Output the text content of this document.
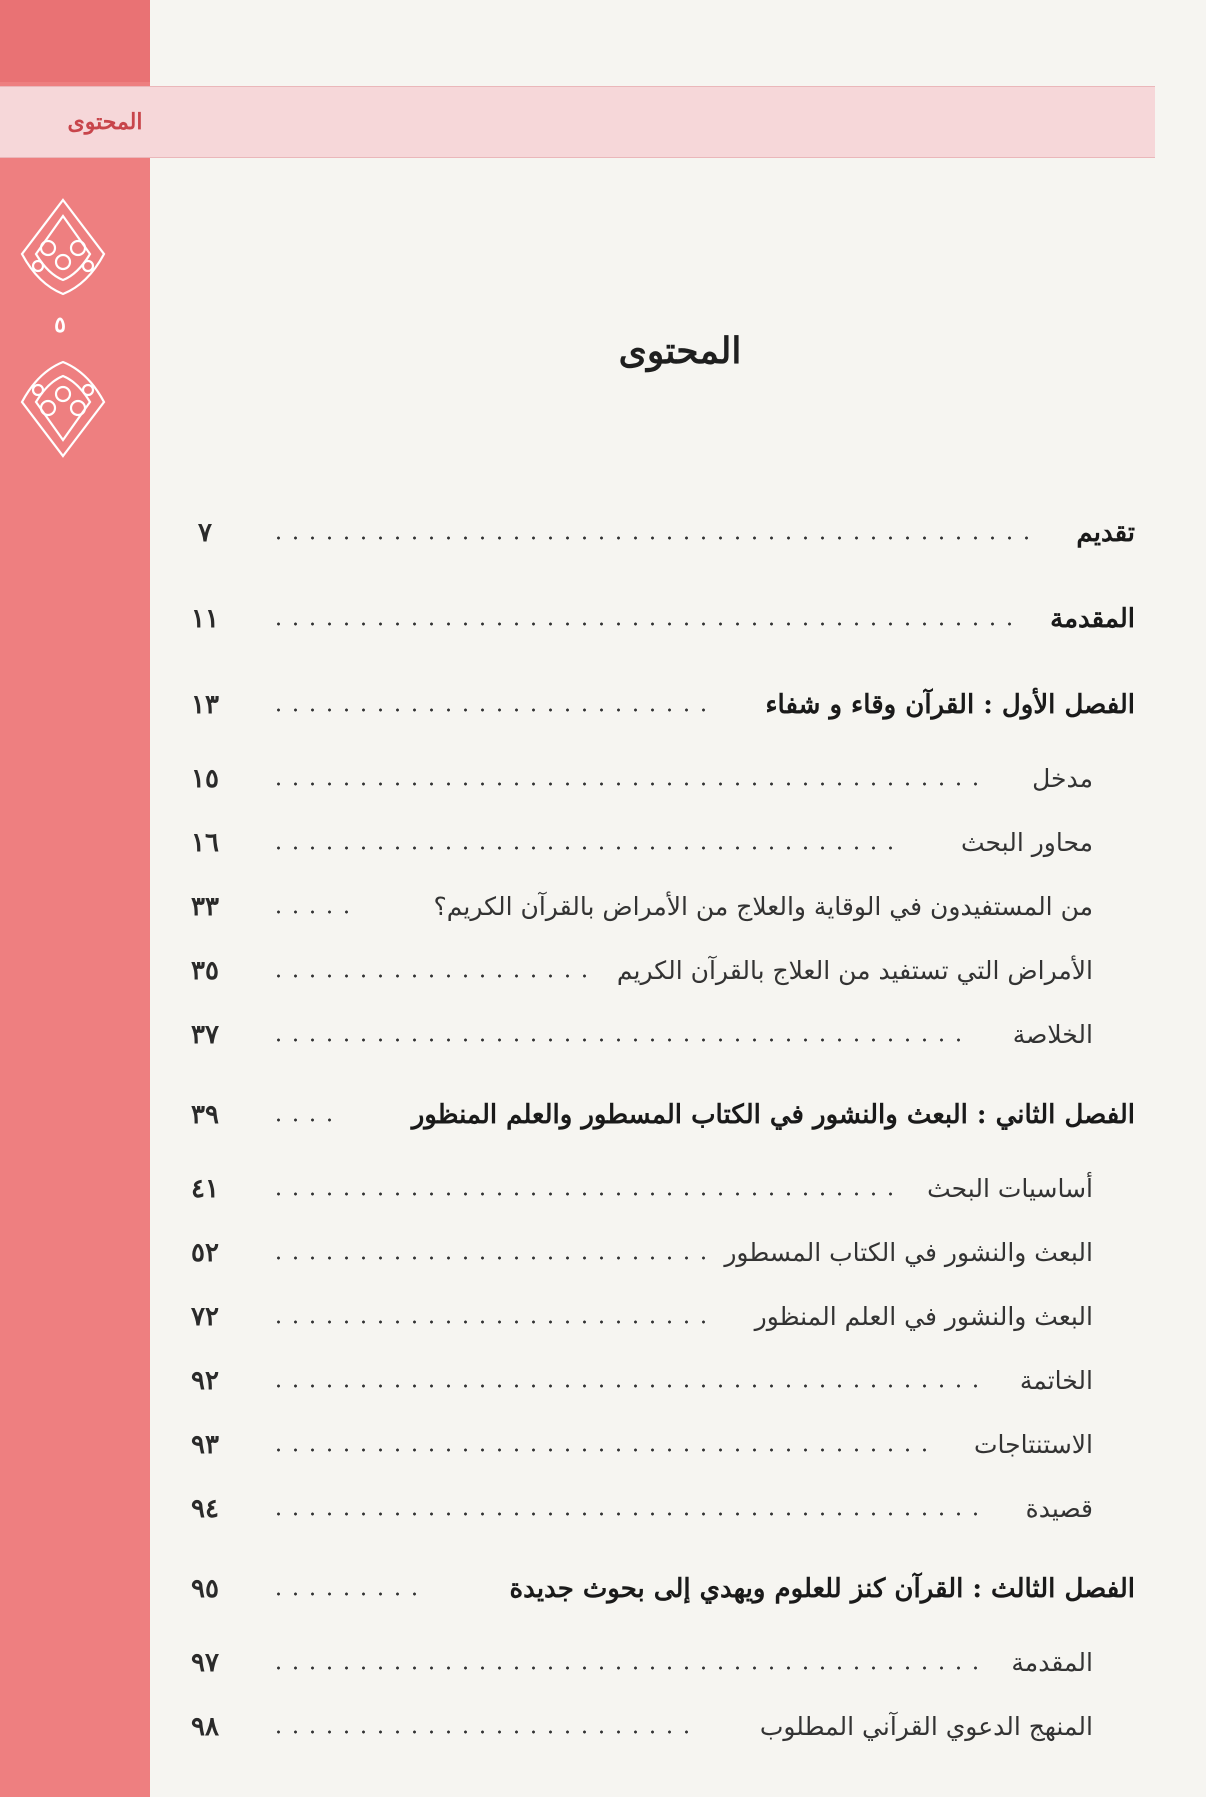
المحتوى
٥
المحتوى
تقديم
٧
المقدمة
١١
الفصل الأول : القرآن وقاء و شفاء
١٣
مدخل
١٥
محاور البحث
١٦
من المستفيدون في الوقاية والعلاج من الأمراض بالقرآن الكريم؟
٣٣
الأمراض التي تستفيد من العلاج بالقرآن الكريم
٣٥
الخلاصة
٣٧
الفصل الثاني : البعث والنشور في الكتاب المسطور والعلم المنظور
٣٩
أساسيات البحث
٤١
البعث والنشور في الكتاب المسطور
٥٢
البعث والنشور في العلم المنظور
٧٢
الخاتمة
٩٢
الاستنتاجات
٩٣
قصيدة
٩٤
الفصل الثالث : القرآن كنز للعلوم ويهدي إلى بحوث جديدة
٩٥
المقدمة
٩٧
المنهج الدعوي القرآني المطلوب
٩٨
